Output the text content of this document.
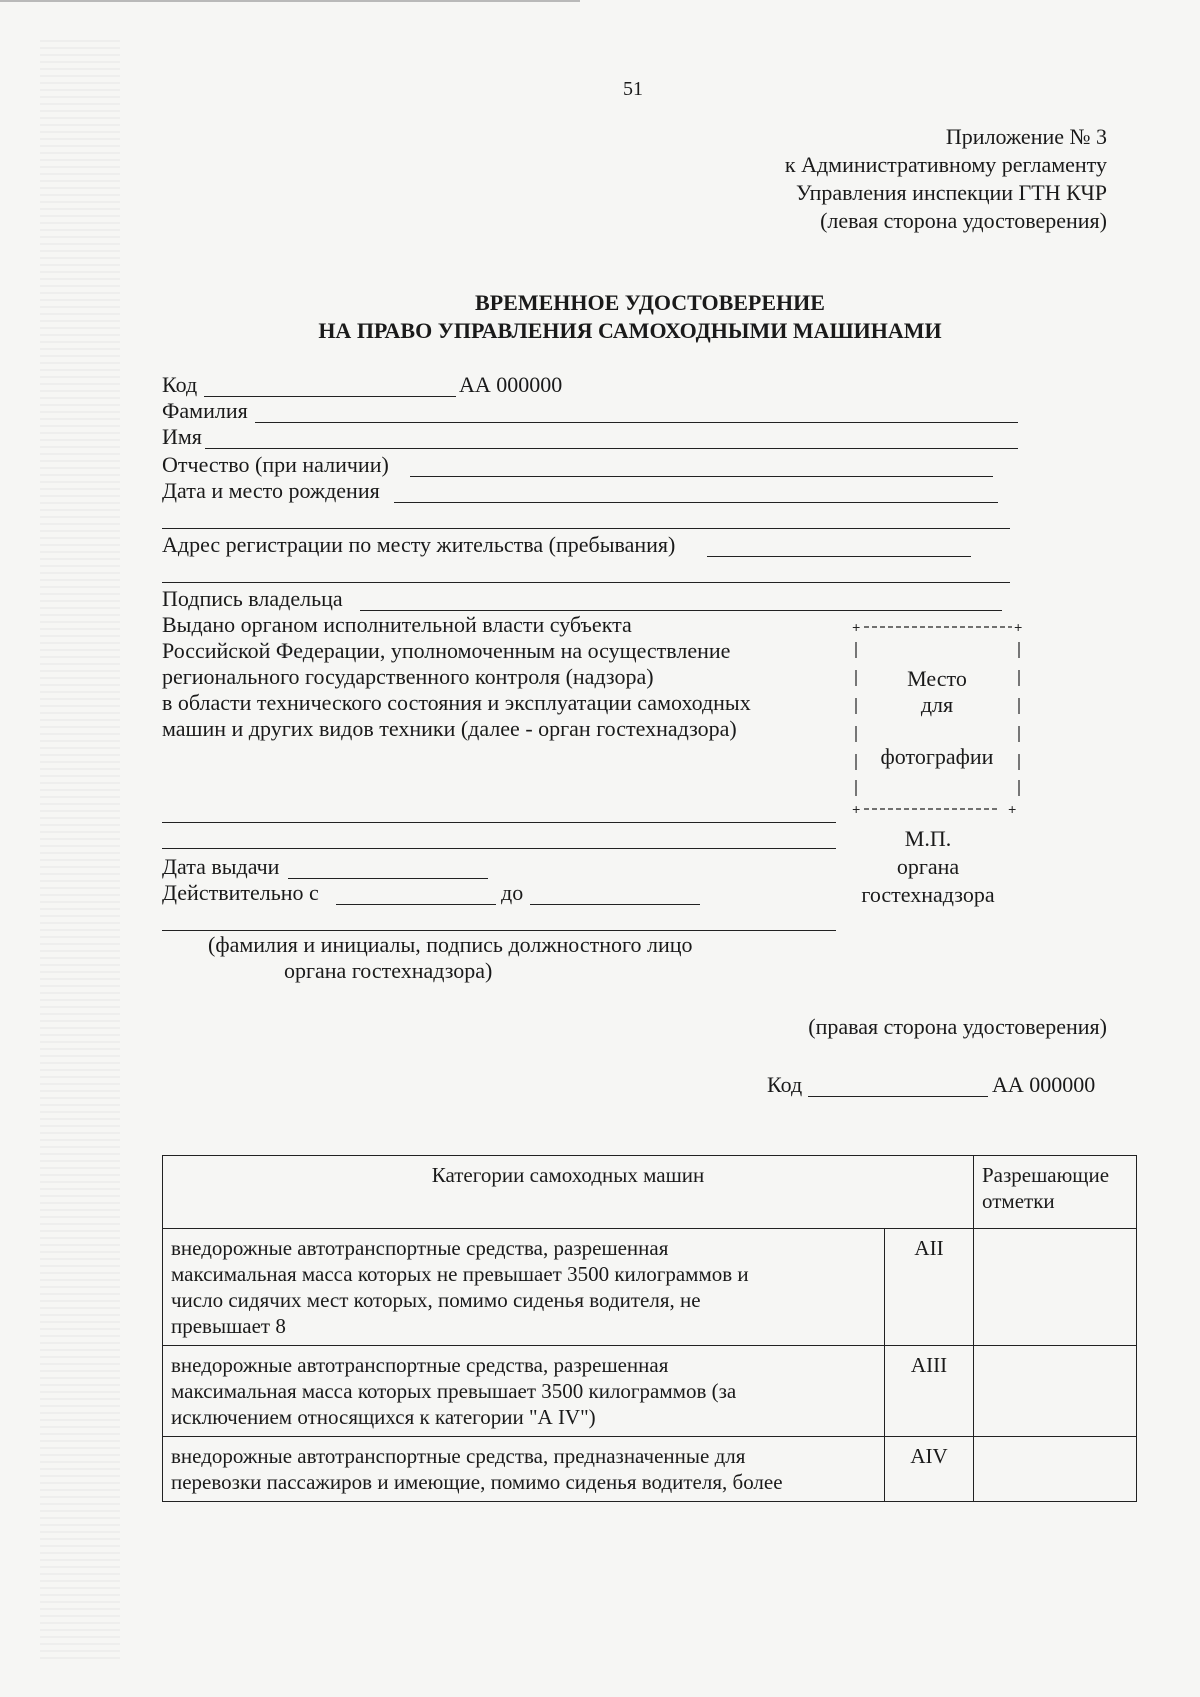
51
Приложение № 3
к Административному регламенту
Управления инспекции ГТН КЧР
(левая сторона удостоверения)
ВРЕМЕННОЕ УДОСТОВЕРЕНИЕ
НА ПРАВО УПРАВЛЕНИЯ САМОХОДНЫМИ МАШИНАМИ
Код	АА 000000
Фамилия
Имя
Отчество (при наличии)
Дата и место рождения
Адрес регистрации по месту жительства (пребывания)
Подпись владельца
Выдано органом исполнительной власти субъекта
Российской Федерации, уполномоченным на осуществление
регионального государственного контроля (надзора)
в области технического состояния и эксплуатации самоходных
машин и других видов техники (далее - орган гостехнадзора)
+	+
+	+
Место
для
фотографии
М.П.
органа
гостехнадзора
Дата выдачи
Действительно с	до
(фамилия и инициалы, подпись должностного лицо
органа гостехнадзора)
(правая сторона удостоверения)
Код	АА 000000
Категории самоходных машин		Разрешающие
отметки

внедорожные автотранспортные средства, разрешенная
максимальная масса которых не превышает 3500 килограммов и
число сидячих мест которых, помимо сиденья водителя, не
превышает 8	AII	

внедорожные автотранспортные средства, разрешенная
максимальная масса которых превышает 3500 килограммов (за
исключением относящихся к категории "А IV")	AIII	

внедорожные автотранспортные средства, предназначенные для
перевозки пассажиров и имеющие, помимо сиденья водителя, более	AIV	
